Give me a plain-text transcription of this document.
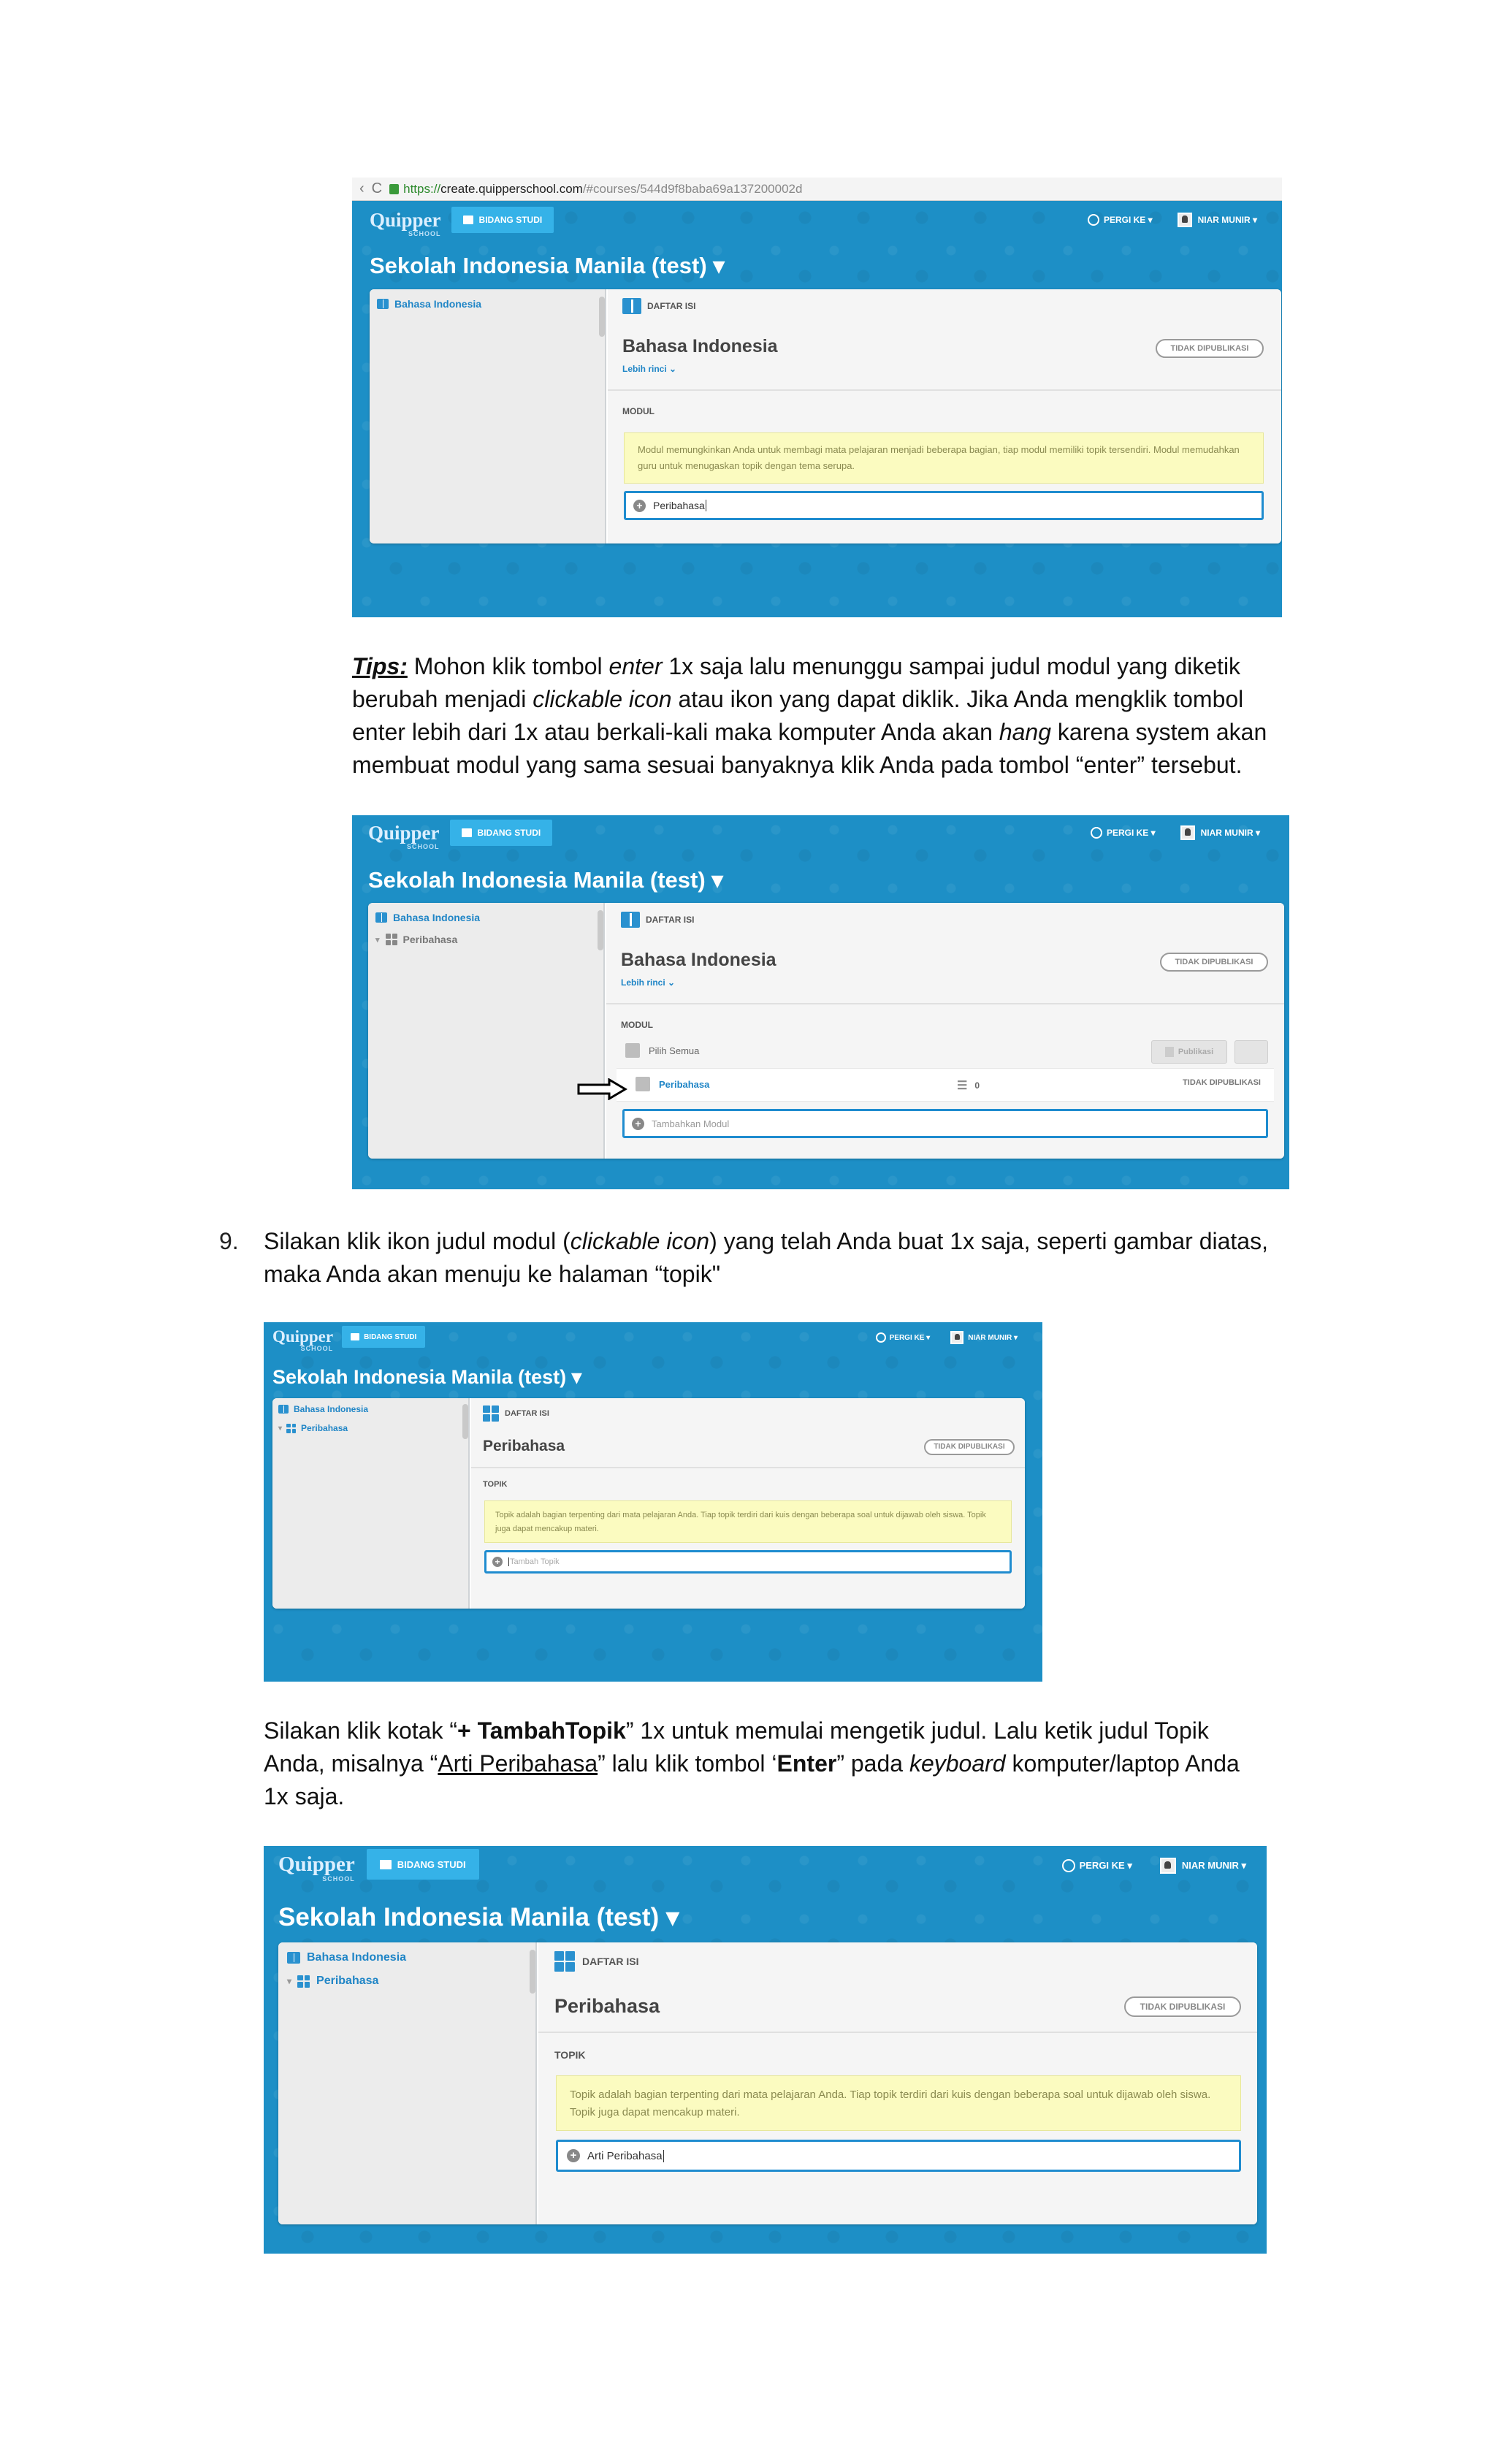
‹ C https:// create.quipperschool.com /#courses/544d9f8baba69a137200002d
Quipper
SCHOOL
BIDANG STUDI	PERGI KE ▾	NIAR MUNIR ▾
Sekolah Indonesia Manila (test) ▾
Bahasa Indonesia	DAFTAR ISI
Bahasa Indonesia
Lebih rinci ⌄
TIDAK DIPUBLIKASI
MODUL
Modul memungkinkan Anda untuk membagi mata pelajaran menjadi beberapa bagian, tiap modul memiliki topik tersendiri. Modul memudahkan guru untuk menugaskan topik dengan tema serupa.
+	Peribahasa
Tips: Mohon klik tombol enter 1x saja lalu menunggu sampai judul modul yang diketik
berubah menjadi clickable icon atau ikon yang dapat diklik. Jika Anda mengklik tombol
enter lebih dari 1x atau berkali-kali maka komputer Anda akan hang karena system akan
membuat modul yang sama sesuai banyaknya klik Anda pada tombol “enter” tersebut.
Quipper
SCHOOL
BIDANG STUDI	PERGI KE ▾	NIAR MUNIR ▾
Sekolah Indonesia Manila (test) ▾
Bahasa Indonesia
▾ Peribahasa
DAFTAR ISI
Bahasa Indonesia
Lebih rinci ⌄
TIDAK DIPUBLIKASI
MODUL
Pilih Semua	Publikasi
Peribahasa	☰ 0	TIDAK DIPUBLIKASI
+	Tambahkan Modul
9. Silakan klik ikon judul modul (clickable icon) yang telah Anda buat 1x saja, seperti gambar diatas,
maka Anda akan menuju ke halaman “topik"
Quipper
SCHOOL
BIDANG STUDI	PERGI KE ▾	NIAR MUNIR ▾
Sekolah Indonesia Manila (test) ▾
Bahasa Indonesia
▾ Peribahasa
DAFTAR ISI
Peribahasa	TIDAK DIPUBLIKASI
TOPIK
Topik adalah bagian terpenting dari mata pelajaran Anda. Tiap topik terdiri dari kuis dengan beberapa soal untuk dijawab oleh siswa. Topik juga dapat mencakup materi.
+	Tambah Topik
Silakan klik kotak “+ TambahTopik” 1x untuk memulai mengetik judul. Lalu ketik judul Topik
Anda, misalnya “Arti Peribahasa” lalu klik tombol ‘Enter” pada keyboard komputer/laptop Anda
1x saja.
Quipper
SCHOOL
BIDANG STUDI	PERGI KE ▾	NIAR MUNIR ▾
Sekolah Indonesia Manila (test) ▾
Bahasa Indonesia
▾ Peribahasa
DAFTAR ISI
Peribahasa	TIDAK DIPUBLIKASI
TOPIK
Topik adalah bagian terpenting dari mata pelajaran Anda. Tiap topik terdiri dari kuis dengan beberapa soal untuk dijawab oleh siswa. Topik juga dapat mencakup materi.
+ Arti Peribahasa
